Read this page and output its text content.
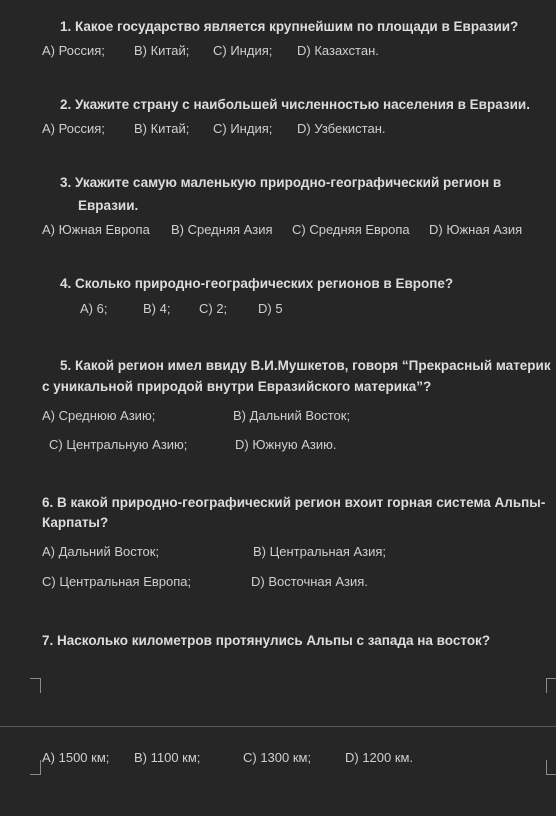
1. Какое государство является крупнейшим по площади в Евразии?
A) Россия; B) Китай; C) Индия; D) Казахстан.
2. Укажите страну с наибольшей численностью населения в Евразии.
A) Россия; B) Китай; C) Индия; D) Узбекистан.
3. Укажите самую маленькую природно-географический регион в
Евразии.
A) Южная Европа B) Средняя Азия C) Средняя Европа D) Южная Азия
4. Сколько природно-географических регионов в Европе?
A) 6;	B) 4; C) 2; D) 5
5. Какой регион имел ввиду В.И.Мушкетов, говоря “Прекрасный материк
с уникальной природой внутри Евразийского материка”?
A) Среднюю Азию;	B) Дальний Восток;
C) Центральную Азию;	D) Южную Азию.
6. В какой природно-географический регион вхоит горная система Альпы-
Карпаты?
A) Дальний Восток;	B) Центральная Азия;
C) Центральная Европа;	D) Восточная Азия.
7. Насколько километров протянулись Альпы с запада на восток?
A) 1500 км; B) 1100 км;	C) 1300 км;	D) 1200 км.
